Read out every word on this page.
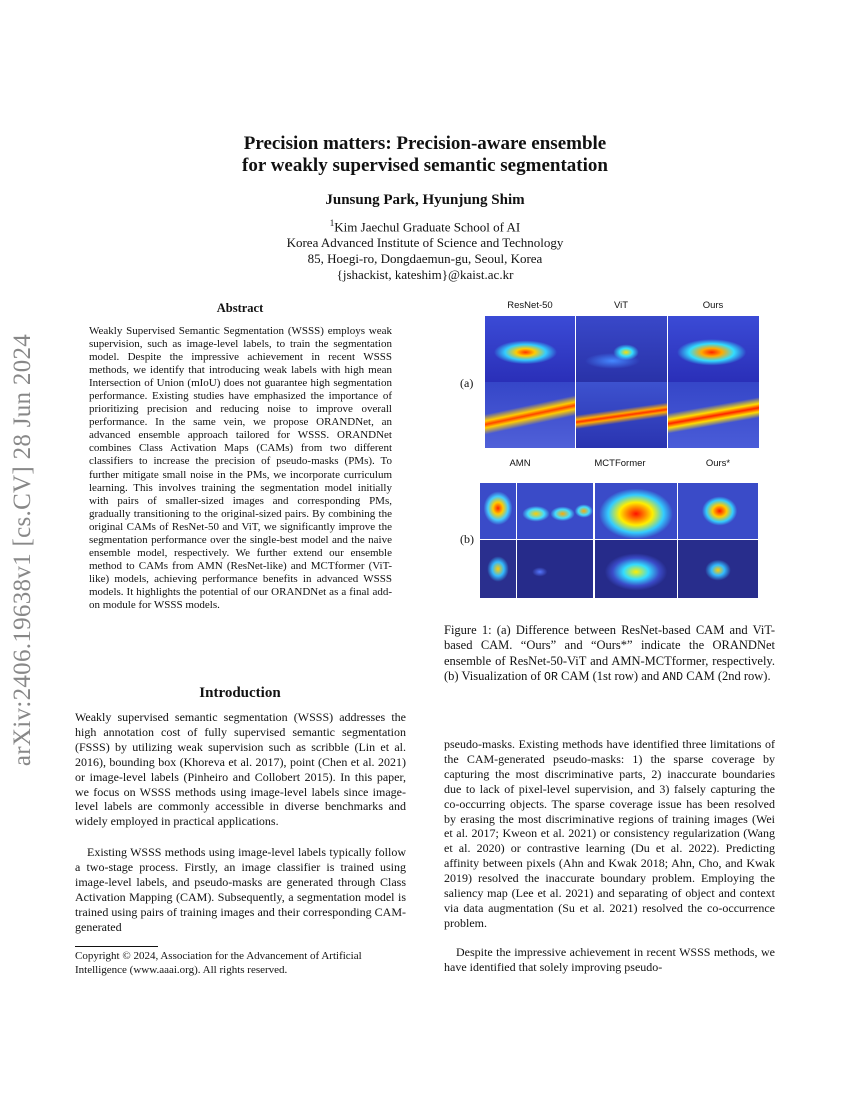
arXiv:2406.19638v1 [cs.CV] 28 Jun 2024
Precision matters: Precision-aware ensemble
for weakly supervised semantic segmentation
Junsung Park, Hyunjung Shim
$^1$Kim Jaechul Graduate School of AI
Korea Advanced Institute of Science and Technology
85, Hoegi-ro, Dongdaemun-gu, Seoul, Korea
{jshackist, kateshim}@kaist.ac.kr
Abstract
Weakly Supervised Semantic Segmentation (WSSS) employs weak supervision, such as image-level labels, to train the segmentation model. Despite the impressive achievement in recent WSSS methods, we identify that introducing weak labels with high mean Intersection of Union (mIoU) does not guarantee high segmentation performance. Existing studies have emphasized the importance of prioritizing precision and reducing noise to improve overall performance. In the same vein, we propose ORANDNet, an advanced ensemble approach tailored for WSSS. ORANDNet combines Class Activation Maps (CAMs) from two different classifiers to increase the precision of pseudo-masks (PMs). To further mitigate small noise in the PMs, we incorporate curriculum learning. This involves training the segmentation model initially with pairs of smaller-sized images and corresponding PMs, gradually transitioning to the original-sized pairs. By combining the original CAMs of ResNet-50 and ViT, we significantly improve the segmentation performance over the single-best model and the naive ensemble model, respectively. We further extend our ensemble method to CAMs from AMN (ResNet-like) and MCTformer (ViT-like) models, achieving performance benefits in advanced WSSS models. It highlights the potential of our ORANDNet as a final add-on module for WSSS models.
Introduction
Weakly supervised semantic segmentation (WSSS) addresses the high annotation cost of fully supervised semantic segmentation (FSSS) by utilizing weak supervision such as scribble (Lin et al. 2016), bounding box (Khoreva et al. 2017), point (Chen et al. 2021) or image-level labels (Pinheiro and Collobert 2015). In this paper, we focus on WSSS methods using image-level labels since image-level labels are commonly accessible in diverse benchmarks and widely employed in practical applications.
Existing WSSS methods using image-level labels typically follow a two-stage process. Firstly, an image classifier is trained using image-level labels, and pseudo-masks are generated through Class Activation Mapping (CAM). Subsequently, a segmentation model is trained using pairs of training images and their corresponding CAM-generated
Copyright © 2024, Association for the Advancement of Artificial Intelligence (www.aaai.org). All rights reserved.
ResNet-50	ViT	Ours
(a)
AMN	MCTFormer	Ours*
(b)
Figure 1: (a) Difference between ResNet-based CAM and ViT-based CAM. “Ours” and “Ours*” indicate the ORANDNet ensemble of ResNet-50-ViT and AMN-MCTformer, respectively. (b) Visualization of OR CAM (1st row) and AND CAM (2nd row).
pseudo-masks. Existing methods have identified three limitations of the CAM-generated pseudo-masks: 1) the sparse coverage by capturing the most discriminative parts, 2) inaccurate boundaries due to lack of pixel-level supervision, and 3) falsely capturing the co-occurring objects. The sparse coverage issue has been resolved by erasing the most discriminative regions of training images (Wei et al. 2017; Kweon et al. 2021) or consistency regularization (Wang et al. 2020) or contrastive learning (Du et al. 2022). Predicting affinity between pixels (Ahn and Kwak 2018; Ahn, Cho, and Kwak 2019) resolved the inaccurate boundary problem. Employing the saliency map (Lee et al. 2021) and separating of object and context via data augmentation (Su et al. 2021) resolved the co-occurrence problem.
Despite the impressive achievement in recent WSSS methods, we have identified that solely improving pseudo-
